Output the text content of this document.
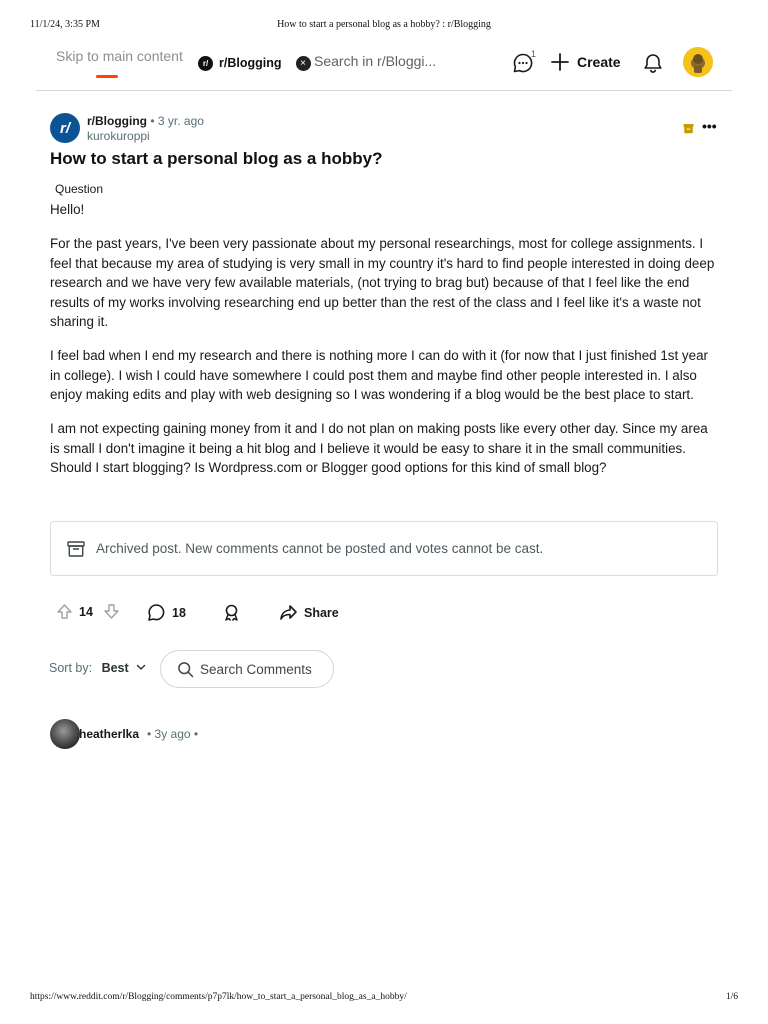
11/1/24, 3:35 PM	How to start a personal blog as a hobby? : r/Blogging
Skip to main content	r/ r/Blogging	× Search in r/Bloggi...	1	Create
r/	r/Blogging • 3 yr. ago
kurokuroppi
•••
How to start a personal blog as a hobby?
Question

Hello!

For the past years, I've been very passionate about my personal researchings, most for college assignments. I feel that because my area of studying is very small in my country it's hard to find people interested in doing deep research and we have very few available materials, (not trying to brag but) because of that I feel like the end results of my works involving researching end up better than the rest of the class and I feel like it's a waste not sharing it.

I feel bad when I end my research and there is nothing more I can do with it (for now that I just finished 1st year in college). I wish I could have somewhere I could post them and maybe find other people interested in. I also enjoy making edits and play with web designing so I was wondering if a blog would be the best place to start.

I am not expecting gaining money from it and I do not plan on making posts like every other day. Since my area is small I don't imagine it being a hit blog and I believe it would be easy to share it in the small communities. Should I start blogging? Is Wordpress.com or Blogger good options for this kind of small blog?

Archived post. New comments cannot be posted and votes cannot be cast.
14	18	Share
Sort by: Best	Search Comments
heatherlka • 3y ago •
https://www.reddit.com/r/Blogging/comments/p7p7lk/how_to_start_a_personal_blog_as_a_hobby/	1/6
